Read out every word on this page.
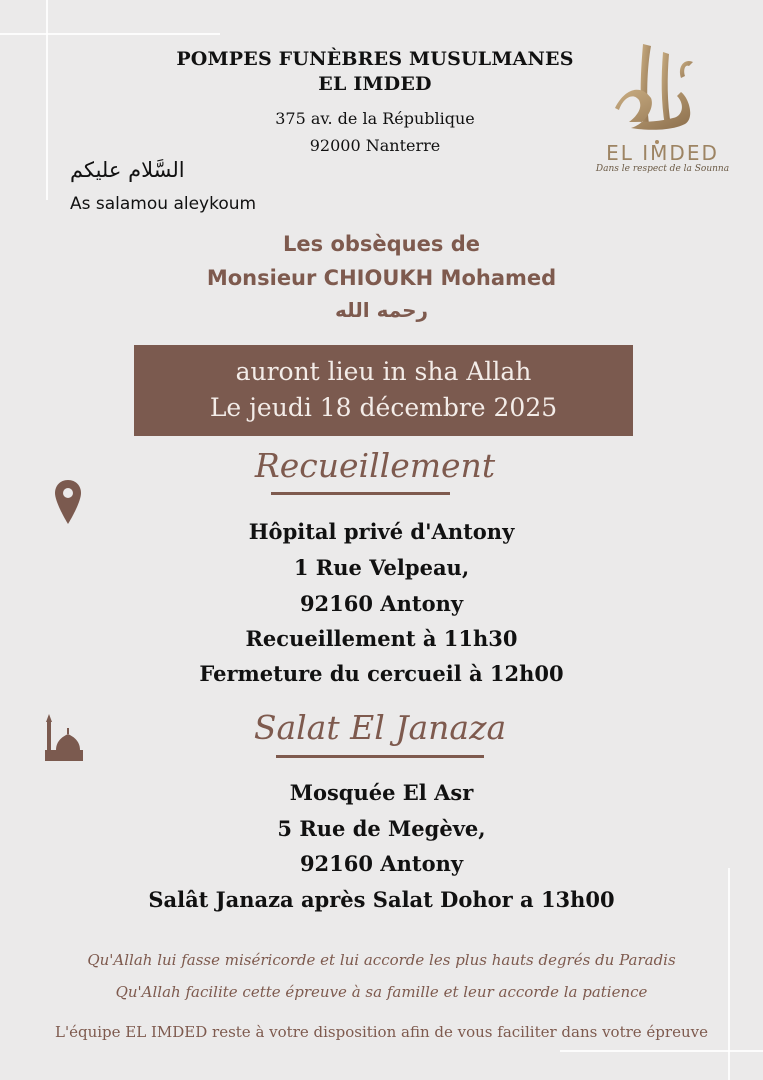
POMPES FUNÈBRES MUSULMANES
EL IMDED
375 av. de la République
92000 Nanterre	EL IMDED
Dans le respect de la Sounna
السَّلام عليكم
As salamou aleykoum
Les obsèques de
Monsieur CHIOUKH Mohamed
رحمه الله
auront lieu in sha Allah
Le jeudi 18 décembre 2025
Recueillement
Hôpital privé d'Antony
1 Rue Velpeau,
92160 Antony
Recueillement à 11h30
Fermeture du cercueil à 12h00
Salat El Janaza
Mosquée El Asr
5 Rue de Megève,
92160 Antony
Salât Janaza après Salat Dohor a 13h00
Qu'Allah lui fasse miséricorde et lui accorde les plus hauts degrés du Paradis
Qu'Allah facilite cette épreuve à sa famille et leur accorde la patience
L'équipe EL IMDED reste à votre disposition afin de vous faciliter dans votre épreuve
